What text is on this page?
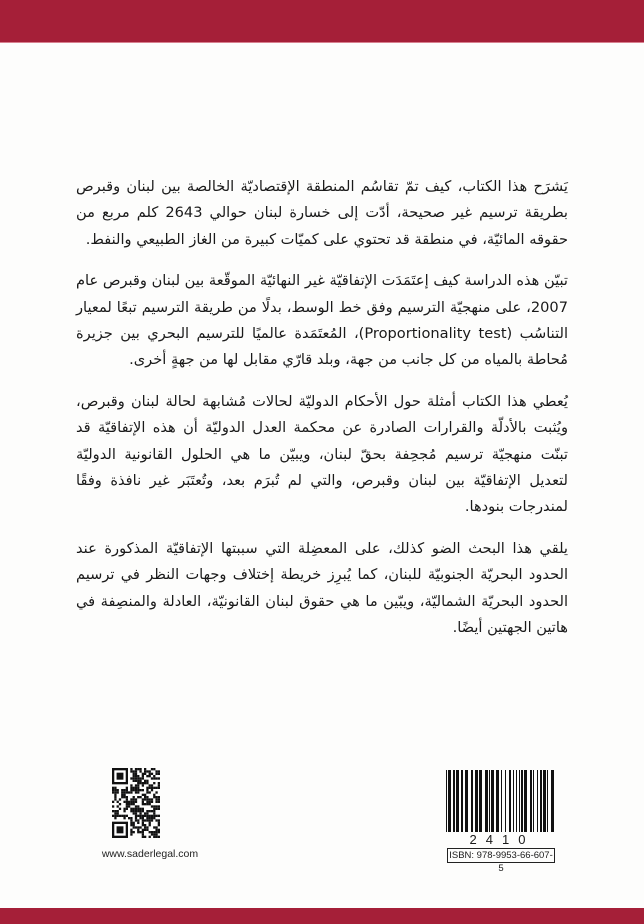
يَشرَح هذا الكتاب، كيف تمّ تقاسُم المنطقة الإقتصاديّة الخالصة بين لبنان وقبرص بطريقة ترسيم غير صحيحة، أدّت إلى خسارة لبنان حوالي 2643 كلم مربع من حقوقه المائيّة، في منطقة قد تحتوي على كميّات كبيرة من الغاز الطبيعي والنفط.

تبيّن هذه الدراسة كيف إعتَمَدَت الإتفاقيّة غير النهائيّة الموقّعة بين لبنان وقبرص عام 2007، على منهجيّة الترسيم وفق خط الوسط، بدلًا من طريقة الترسيم تبعًا لمعيار التناسُب (Proportionality test)، المُعتَمَدة عالميًا للترسيم البحري بين جزيرة مُحاطة بالمياه من كل جانب من جهة، وبلد قارّي مقابل لها من جهةٍ أخرى.

يُعطي هذا الكتاب أمثلة حول الأحكام الدوليّة لحالات مُشابهة لحالة لبنان وقبرص، ويُثبت بالأدلّة والقرارات الصادرة عن محكمة العدل الدوليّة أن هذه الإتفاقيّة قد تبنّت منهجيّة ترسيم مُجحِفة بحقّ لبنان، ويبيّن ما هي الحلول القانونية الدوليّة لتعديل الإتفاقيّة بين لبنان وقبرص، والتي لم تُبرَم بعد، وتُعتَبَر غير نافذة وفقًا لمندرجات بنودها.

يلقي هذا البحث الضو كذلك، على المعضِلة التي سببتها الإتفاقيّة المذكورة عند الحدود البحريّة الجنوبيّة للبنان، كما يُبرِز خريطة إختلاف وجهات النظر في ترسيم الحدود البحريّة الشماليّة، ويبّين ما هي حقوق لبنان القانونيّة، العادلة والمنصِفة في هاتين الجهتين أيضًا.

www.saderlegal.com
2410
ISBN: 978-9953-66-607-5
